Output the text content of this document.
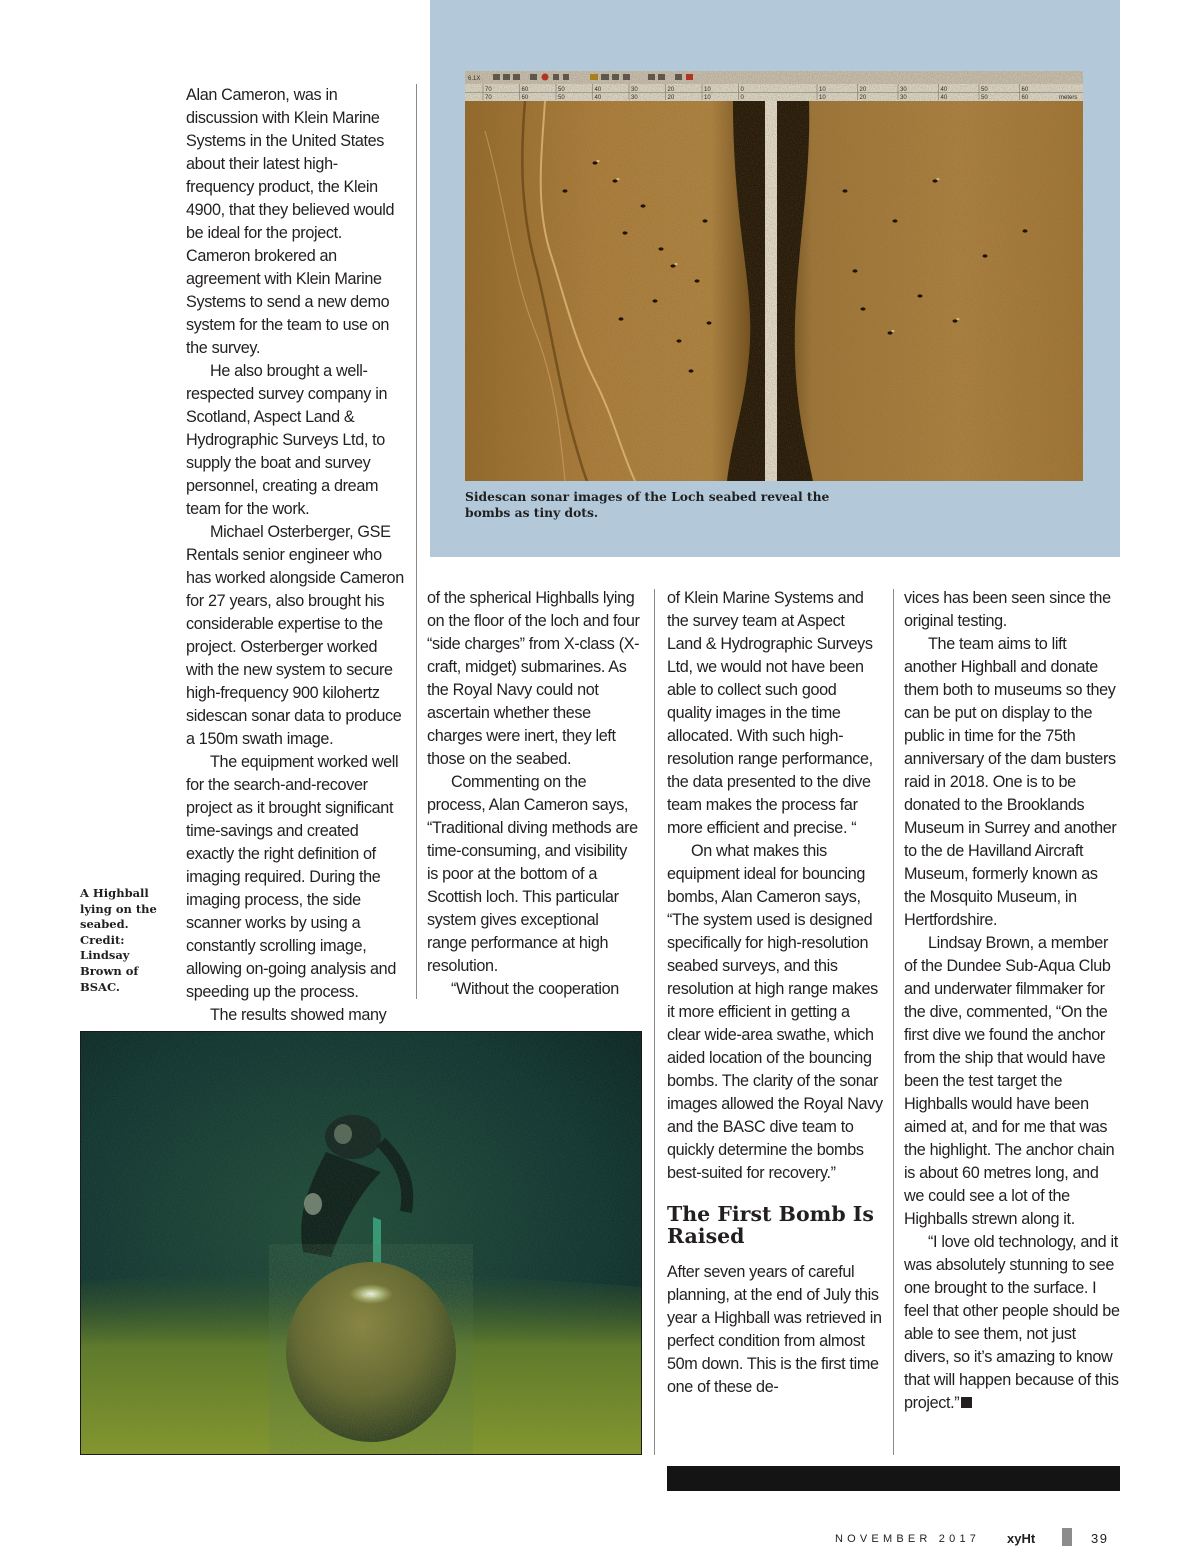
6.1X
70	60	50	40	30	20	10	0
70	60	50	40	30	20	10	0
10	20	30	40	50	60
10	20	30	40	50	60	meters
Sidescan sonar images of the Loch seabed reveal the bombs as tiny dots.

Alan Cameron, was in discussion with Klein Marine Systems in the United States about their latest high-frequency product, the Klein 4900, that they believed would be ideal for the project. Cameron brokered an agreement with Klein Marine Systems to send a new demo system for the team to use on the survey.

He also brought a well-respected survey company in Scotland, Aspect Land & Hydrographic Surveys Ltd, to supply the boat and survey personnel, creating a dream team for the work.

Michael Osterberger, GSE Rentals senior engineer who has worked alongside Cameron for 27 years, also brought his considerable expertise to the project. Osterberger worked with the new system to secure high-frequency 900 kilohertz sidescan sonar data to produce a 150m swath image.

The equipment worked well for the search-and-recover project as it brought significant time-savings and created exactly the right definition of imaging required. During the imaging process, the side scanner works by using a constantly scrolling image, allowing on-going analysis and speeding up the process.

The results showed many

of the spherical Highballs lying on the floor of the loch and four “side charges” from X-class (X-craft, midget) submarines. As the Royal Navy could not ascertain whether these charges were inert, they left those on the seabed.

Commenting on the process, Alan Cameron says, “Traditional diving methods are time-consuming, and visibility is poor at the bottom of a Scottish loch. This particular system gives exceptional range performance at high resolution.

“Without the cooperation

of Klein Marine Systems and the survey team at Aspect Land & Hydrographic Surveys Ltd, we would not have been able to collect such good quality images in the time allocated. With such high-resolution range performance, the data presented to the dive team makes the process far more efficient and precise. “

On what makes this equipment ideal for bouncing bombs, Alan Cameron says, “The system used is designed specifically for high-resolution seabed surveys, and this resolution at high range makes it more efficient in getting a clear wide-area swathe, which aided location of the bouncing bombs. The clarity of the sonar images allowed the Royal Navy and the BASC dive team to quickly determine the bombs best-suited for recovery.”

The First Bomb Is Raised

After seven years of careful planning, at the end of July this year a Highball was retrieved in perfect condition from almost 50m down. This is the first time one of these de-

vices has been seen since the original testing.

The team aims to lift another Highball and donate them both to museums so they can be put on display to the public in time for the 75th anniversary of the dam busters raid in 2018. One is to be donated to the Brooklands Museum in Surrey and another to the de Havilland Aircraft Museum, formerly known as the Mosquito Museum, in Hertfordshire.

Lindsay Brown, a member of the Dundee Sub-Aqua Club and underwater filmmaker for the dive, commented, “On the first dive we found the anchor from the ship that would have been the test target the Highballs would have been aimed at, and for me that was the highlight. The anchor chain is about 60 metres long, and we could see a lot of the Highballs strewn along it.

“I love old technology, and it was absolutely stunning to see one brought to the surface. I feel that other people should be able to see them, not just divers, so it’s amazing to know that will happen because of this project.”

A Highball lying on the seabed. Credit: Lindsay Brown of BSAC.
NOVEMBER 2017 xyHt	39
